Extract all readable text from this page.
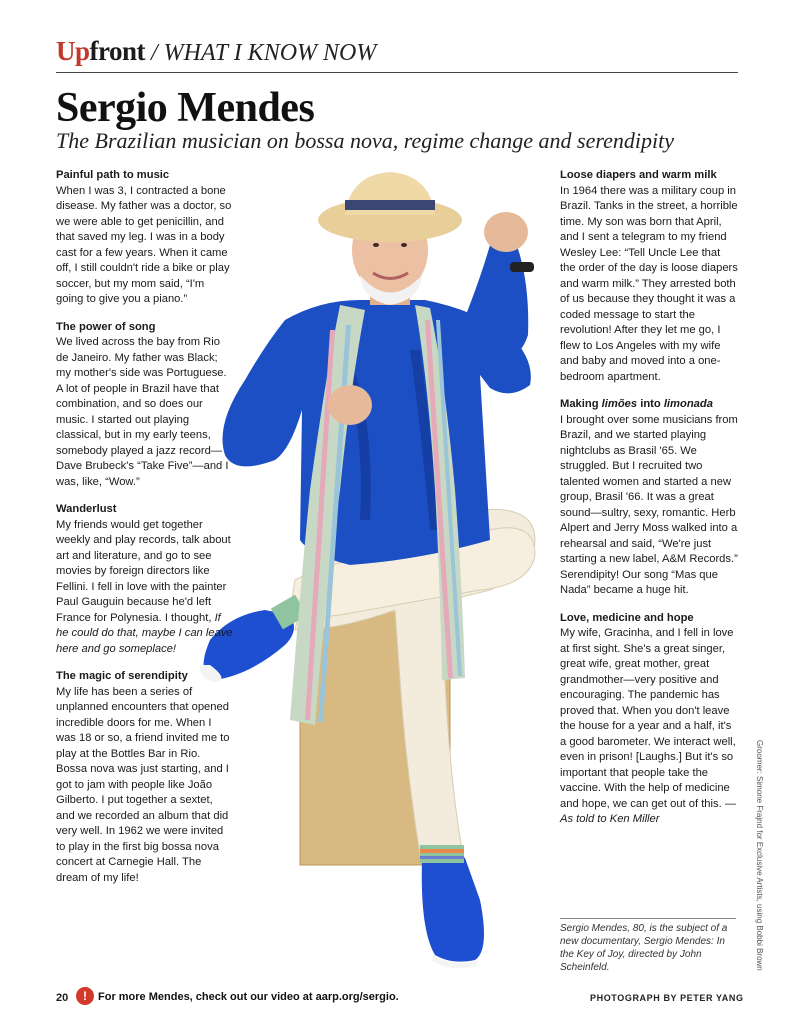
Up front / WHAT I KNOW NOW
Sergio Mendes
The Brazilian musician on bossa nova, regime change and serendipity
Painful path to music

When I was 3, I contracted a bone disease. My father was a doctor, so we were able to get penicillin, and that saved my leg. I was in a body cast for a few years. When it came off, I still couldn't ride a bike or play soccer, but my mom said, “I'm going to give you a piano.”

The power of song

We lived across the bay from Rio de Janeiro. My father was Black; my mother's side was Portuguese. A lot of people in Brazil have that combination, and so does our music. I started out playing classical, but in my early teens, somebody played a jazz record—Dave Brubeck's “Take Five”—and I was, like, “Wow.”

Wanderlust

My friends would get together weekly and play records, talk about art and literature, and go to see movies by foreign directors like Fellini. I fell in love with the painter Paul Gauguin because he'd left France for Polynesia. I thought, If he could do that, maybe I can leave here and go someplace!

The magic of serendipity

My life has been a series of unplanned encounters that opened incredible doors for me. When I was 18 or so, a friend invited me to play at the Bottles Bar in Rio. Bossa nova was just starting, and I got to jam with people like João Gilberto. I put together a sextet, and we recorded an album that did very well. In 1962 we were invited to play in the first big bossa nova concert at Carnegie Hall. The dream of my life!

Loose diapers and warm milk

In 1964 there was a military coup in Brazil. Tanks in the street, a horrible time. My son was born that April, and I sent a telegram to my friend Wesley Lee: “Tell Uncle Lee that the order of the day is loose diapers and warm milk.” They arrested both of us because they thought it was a coded message to start the revolution! After they let me go, I flew to Los Angeles with my wife and baby and moved into a one-bedroom apartment.

Making limões into limonada

I brought over some musicians from Brazil, and we started playing nightclubs as Brasil '65. We struggled. But I recruited two talented women and started a new group, Brasil '66. It was a great sound—sultry, sexy, romantic. Herb Alpert and Jerry Moss walked into a rehearsal and said, “We're just starting a new label, A&M Records.” Serendipity! Our song “Mas que Nada” became a huge hit.

Love, medicine and hope

My wife, Gracinha, and I fell in love at first sight. She's a great singer, great wife, great mother, great grandmother—very positive and encouraging. The pandemic has proved that. When you don't leave the house for a year and a half, it's a good barometer. We interact well, even in prison! [Laughs.] But it's so important that people take the vaccine. With the help of medicine and hope, we can get out of this. —As told to Ken Miller

Sergio Mendes, 80, is the subject of a new documentary, Sergio Mendes: In the Key of Joy, directed by John Scheinfeld.	Groomer: Simone Frajnd for Exclusive Artists, using Bobbi Brown
20	!	For more Mendes, check out our video at aarp.org/sergio.	PHOTOGRAPH BY PETER YANG
